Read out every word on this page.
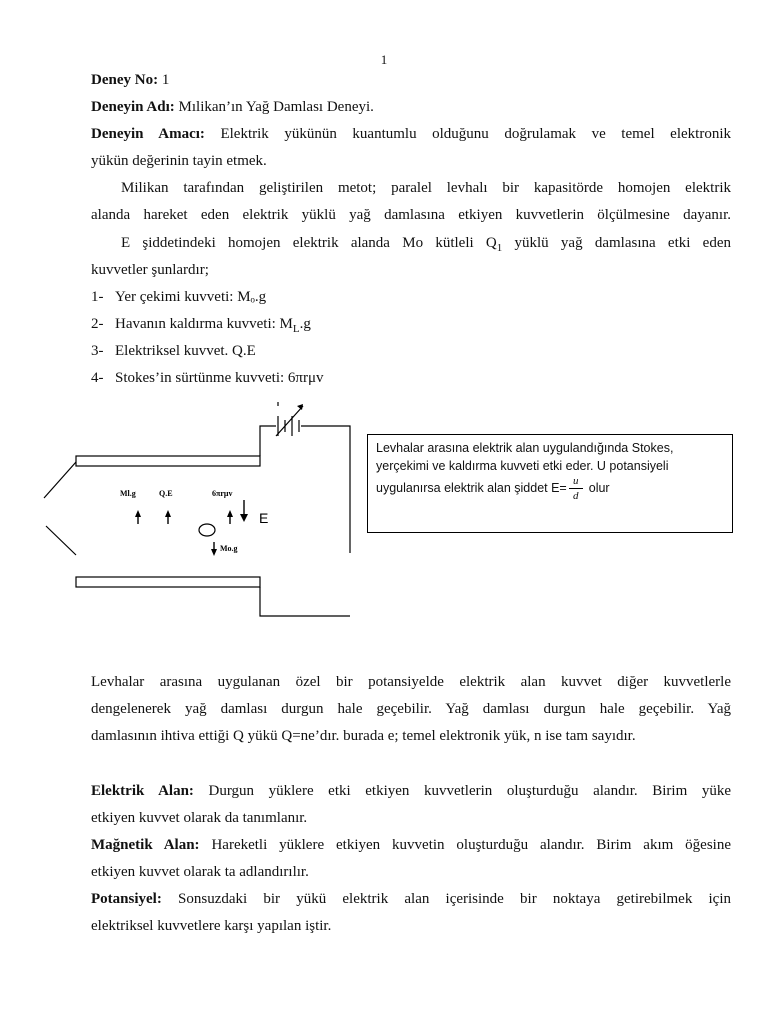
1
Deney No: 1
Deneyin Adı: Mılikan’ın Yağ Damlası Deneyi.
Deneyin Amacı: Elektrik yükünün kuantumlu olduğunu doğrulamak ve temel elektronik
yükün değerinin tayin etmek.
Milikan tarafından geliştirilen metot; paralel levhalı bir kapasitörde homojen elektrik
alanda hareket eden elektrik yüklü yağ damlasına etkiyen kuvvetlerin ölçülmesine dayanır.
E şiddetindeki homojen elektrik alanda Mo kütleli $Q_1$ yüklü yağ damlasına etki eden
kuvvetler şunlardır;
1- Yer çekimi kuvveti: Mₒ.g
2- Havanın kaldırma kuvveti: $M_L.g$
3- Elektriksel kuvvet. Q.E
4- Stokes’in sürtünme kuvveti: 6πrμv
Ml.g	Q.E	6πrμv
E
Mo.g
Levhalar arasına elektrik alan uygulandığında Stokes,
yerçekimi ve kaldırma kuvveti etki eder. U potansiyeli
uygulanırsa elektrik alan şiddet $E= \frac{u}{d}$ olur
Levhalar arasına uygulanan özel bir potansiyelde elektrik alan kuvvet diğer kuvvetlerle
dengelenerek yağ damlası durgun hale geçebilir. Yağ damlası durgun hale geçebilir. Yağ
damlasının ihtiva ettiği Q yükü Q=ne’dır. burada e; temel elektronik yük, n ise tam sayıdır.
Elektrik Alan: Durgun yüklere etki etkiyen kuvvetlerin oluşturduğu alandır. Birim yüke
etkiyen kuvvet olarak da tanımlanır.
Mağnetik Alan: Hareketli yüklere etkiyen kuvvetin oluşturduğu alandır. Birim akım öğesine
etkiyen kuvvet olarak ta adlandırılır.
Potansiyel: Sonsuzdaki bir yükü elektrik alan içerisinde bir noktaya getirebilmek için
elektriksel kuvvetlere karşı yapılan iştir.
